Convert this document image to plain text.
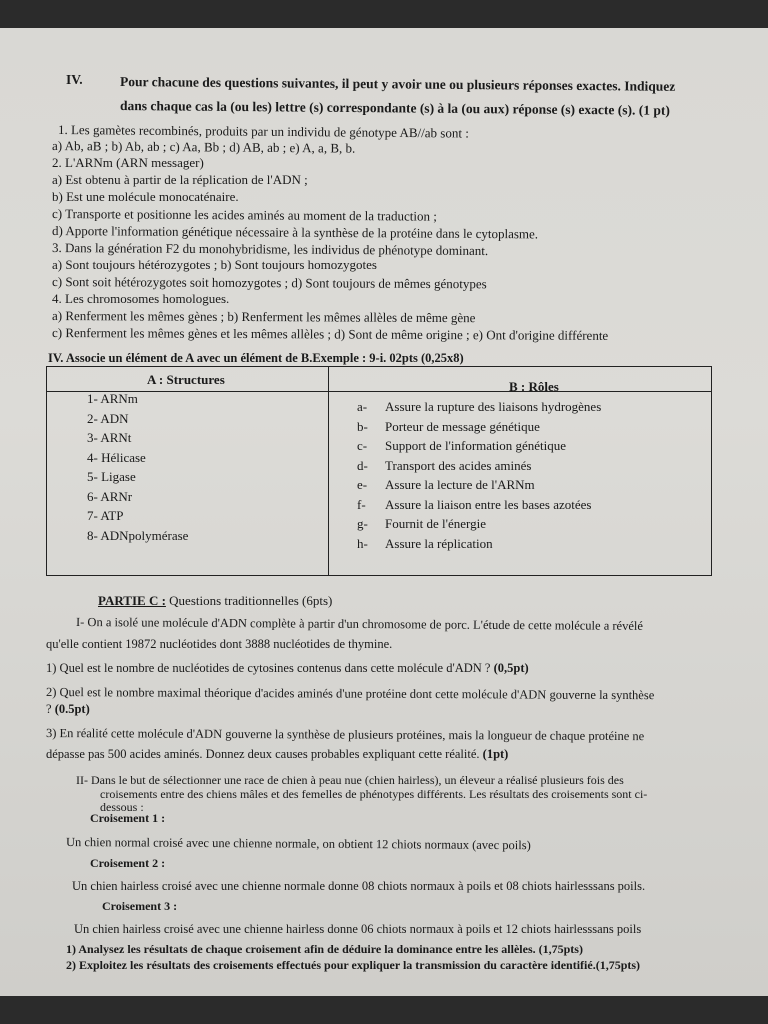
IV.	Pour chacune des questions suivantes, il peut y avoir une ou plusieurs réponses exactes. Indiquez
dans chaque cas la (ou les) lettre (s) correspondante (s) à la (ou aux) réponse (s) exacte (s). (1 pt)
1. Les gamètes recombinés, produits par un individu de génotype AB//ab sont :
a) Ab, aB ; b) Ab, ab ; c) Aa, Bb ; d) AB, ab ; e) A, a, B, b.
2. L'ARNm (ARN messager)
a) Est obtenu à partir de la réplication de l'ADN ;
b) Est une molécule monocaténaire.
c) Transporte et positionne les acides aminés au moment de la traduction ;
d) Apporte l'information génétique nécessaire à la synthèse de la protéine dans le cytoplasme.
3. Dans la génération F2 du monohybridisme, les individus de phénotype dominant.
a) Sont toujours hétérozygotes ; b) Sont toujours homozygotes
c) Sont soit hétérozygotes soit homozygotes ; d) Sont toujours de mêmes génotypes
4. Les chromosomes homologues.
a) Renferment les mêmes gènes ; b) Renferment les mêmes allèles de même gène
c) Renferment les mêmes gènes et les mêmes allèles ; d) Sont de même origine ; e) Ont d'origine différente
IV. Associe un élément de A avec un élément de B.Exemple : 9-i. 02pts (0,25x8)
A : Structures	B : Rôles
1- ARNm
2- ADN
3- ARNt
4- Hélicase
5- Ligase
6- ARNr
7- ATP
8- ADNpolymérase
a- Assure la rupture des liaisons hydrogènes
b- Porteur de message génétique
c- Support de l'information génétique
d- Transport des acides aminés
e- Assure la lecture de l'ARNm
f- Assure la liaison entre les bases azotées
g- Fournit de l'énergie
h- Assure la réplication
PARTIE C : Questions traditionnelles (6pts)
I- On a isolé une molécule d'ADN complète à partir d'un chromosome de porc. L'étude de cette molécule a révélé
qu'elle contient 19872 nucléotides dont 3888 nucléotides de thymine.
1) Quel est le nombre de nucléotides de cytosines contenus dans cette molécule d'ADN ? (0,5pt)
2) Quel est le nombre maximal théorique d'acides aminés d'une protéine dont cette molécule d'ADN gouverne la synthèse
? (0.5pt)
3) En réalité cette molécule d'ADN gouverne la synthèse de plusieurs protéines, mais la longueur de chaque protéine ne
dépasse pas 500 acides aminés. Donnez deux causes probables expliquant cette réalité. (1pt)
II- Dans le but de sélectionner une race de chien à peau nue (chien hairless), un éleveur a réalisé plusieurs fois des
croisements entre des chiens mâles et des femelles de phénotypes différents. Les résultats des croisements sont ci-
dessous :
Croisement 1 :
Un chien normal croisé avec une chienne normale, on obtient 12 chiots normaux (avec poils)
Croisement 2 :
Un chien hairless croisé avec une chienne normale donne 08 chiots normaux à poils et 08 chiots hairlesssans poils.
Croisement 3 :
Un chien hairless croisé avec une chienne hairless donne 06 chiots normaux à poils et 12 chiots hairlesssans poils
1) Analysez les résultats de chaque croisement afin de déduire la dominance entre les allèles. (1,75pts)
2) Exploitez les résultats des croisements effectués pour expliquer la transmission du caractère identifié.(1,75pts)
